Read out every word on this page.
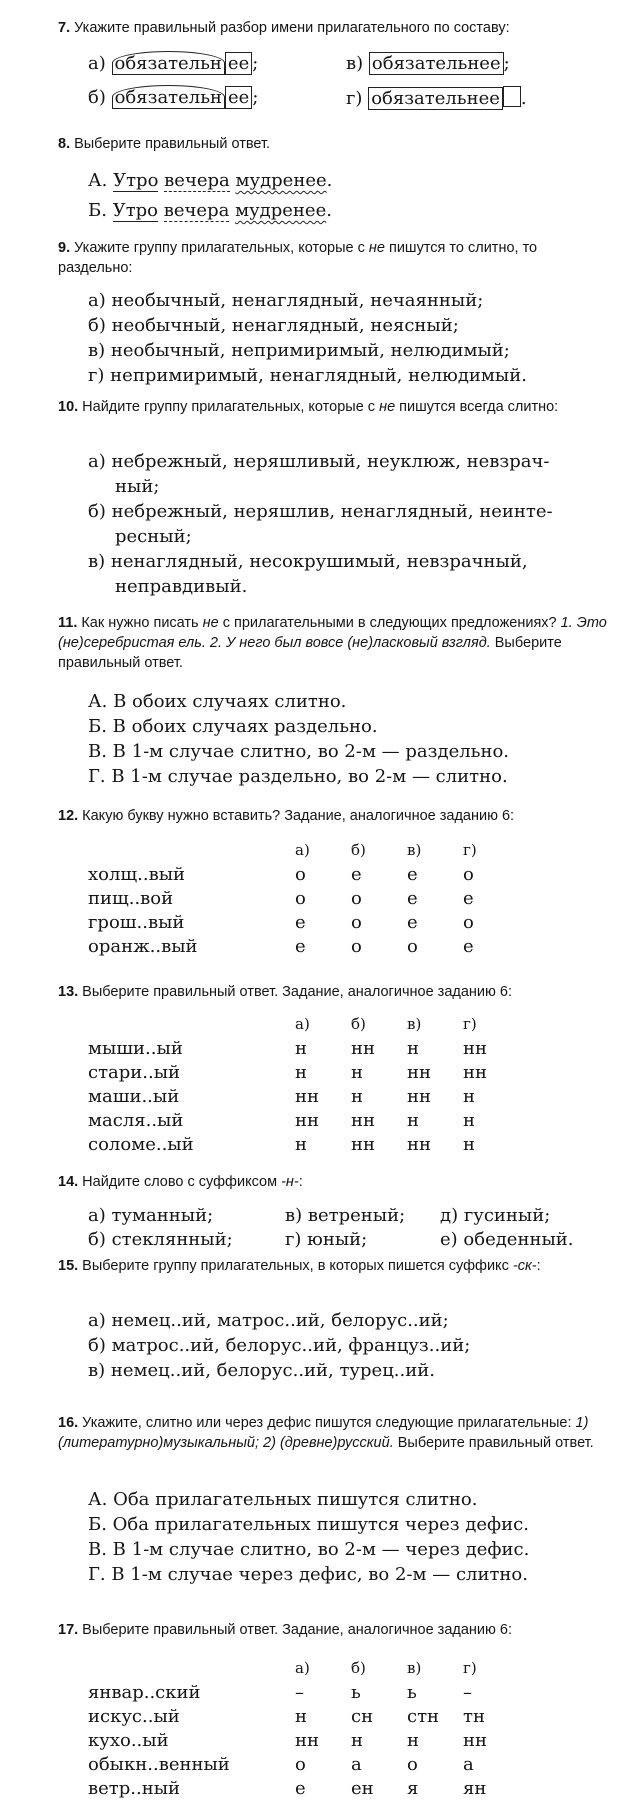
7. Укажите правильный разбор имени прилагательного по составу:
а) обязательн ее ;
б) обязательн ее ;
в) обязательнее ;
г) обязательнее .
8. Выберите правильный ответ.
А. Утро вечера мудренее.
Б. Утро вечера мудренее.
9. Укажите группу прилагательных, которые с не пишутся то слитно, то раздельно:
а) необычный, ненаглядный, нечаянный;
б) необычный, ненаглядный, неясный;
в) необычный, непримиримый, нелюдимый;
г) непримиримый, ненаглядный, нелюдимый.
10. Найдите группу прилагательных, которые с не пишутся всегда слитно:
а) небрежный, неряшливый, неуклюж, невзрач-
ный;
б) небрежный, неряшлив, ненаглядный, неинте-
ресный;
в) ненаглядный, несокрушимый, невзрачный,
неправдивый.
11. Как нужно писать не с прилагательными в следующих предложениях? 1. Это (не)серебристая ель. 2. У него был вовсе (не)ласковый взгляд. Выберите правильный ответ.
А. В обоих случаях слитно.
Б. В обоих случаях раздельно.
В. В 1-м случае слитно, во 2-м — раздельно.
Г. В 1-м случае раздельно, во 2-м — слитно.
12. Какую букву нужно вставить? Задание, аналогичное заданию 6:
	а)	б)	в)	г)
холщ..вый	о	е	е	о
пищ..вой	о	о	е	е
грош..вый	е	о	е	о
оранж..вый	е	о	о	е
13. Выберите правильный ответ. Задание, аналогичное заданию 6:
	а)	б)	в)	г)
мыши..ый	н	нн	н	нн
стари..ый	н	н	нн	нн
маши..ый	нн	н	нн	н
масля..ый	нн	нн	н	н
соломе..ый	н	нн	нн	н
14. Найдите слово с суффиксом -н-:
а) туманный;	в) ветреный; д) гусиный;
б) стеклянный;	г) юный;	е) обеденный.
15. Выберите группу прилагательных, в которых пишется суффикс -ск-:
а) немец..ий, матрос..ий, белорус..ий;
б) матрос..ий, белорус..ий, француз..ий;
в) немец..ий, белорус..ий, турец..ий.
16. Укажите, слитно или через дефис пишутся следующие прилагательные: 1) (литературно)музыкальный; 2) (древне)русский. Выберите правильный ответ.
А. Оба прилагательных пишутся слитно.
Б. Оба прилагательных пишутся через дефис.
В. В 1-м случае слитно, во 2-м — через дефис.
Г. В 1-м случае через дефис, во 2-м — слитно.
17. Выберите правильный ответ. Задание, аналогичное заданию 6:
	а)	б)	в)	г)
январ..ский	–	ь	ь	–
искус..ый	н	сн	стн	тн
кухо..ый	нн	н	н	нн
обыкн..венный	о	а	о	а
ветр..ный	е	ен	я	ян
